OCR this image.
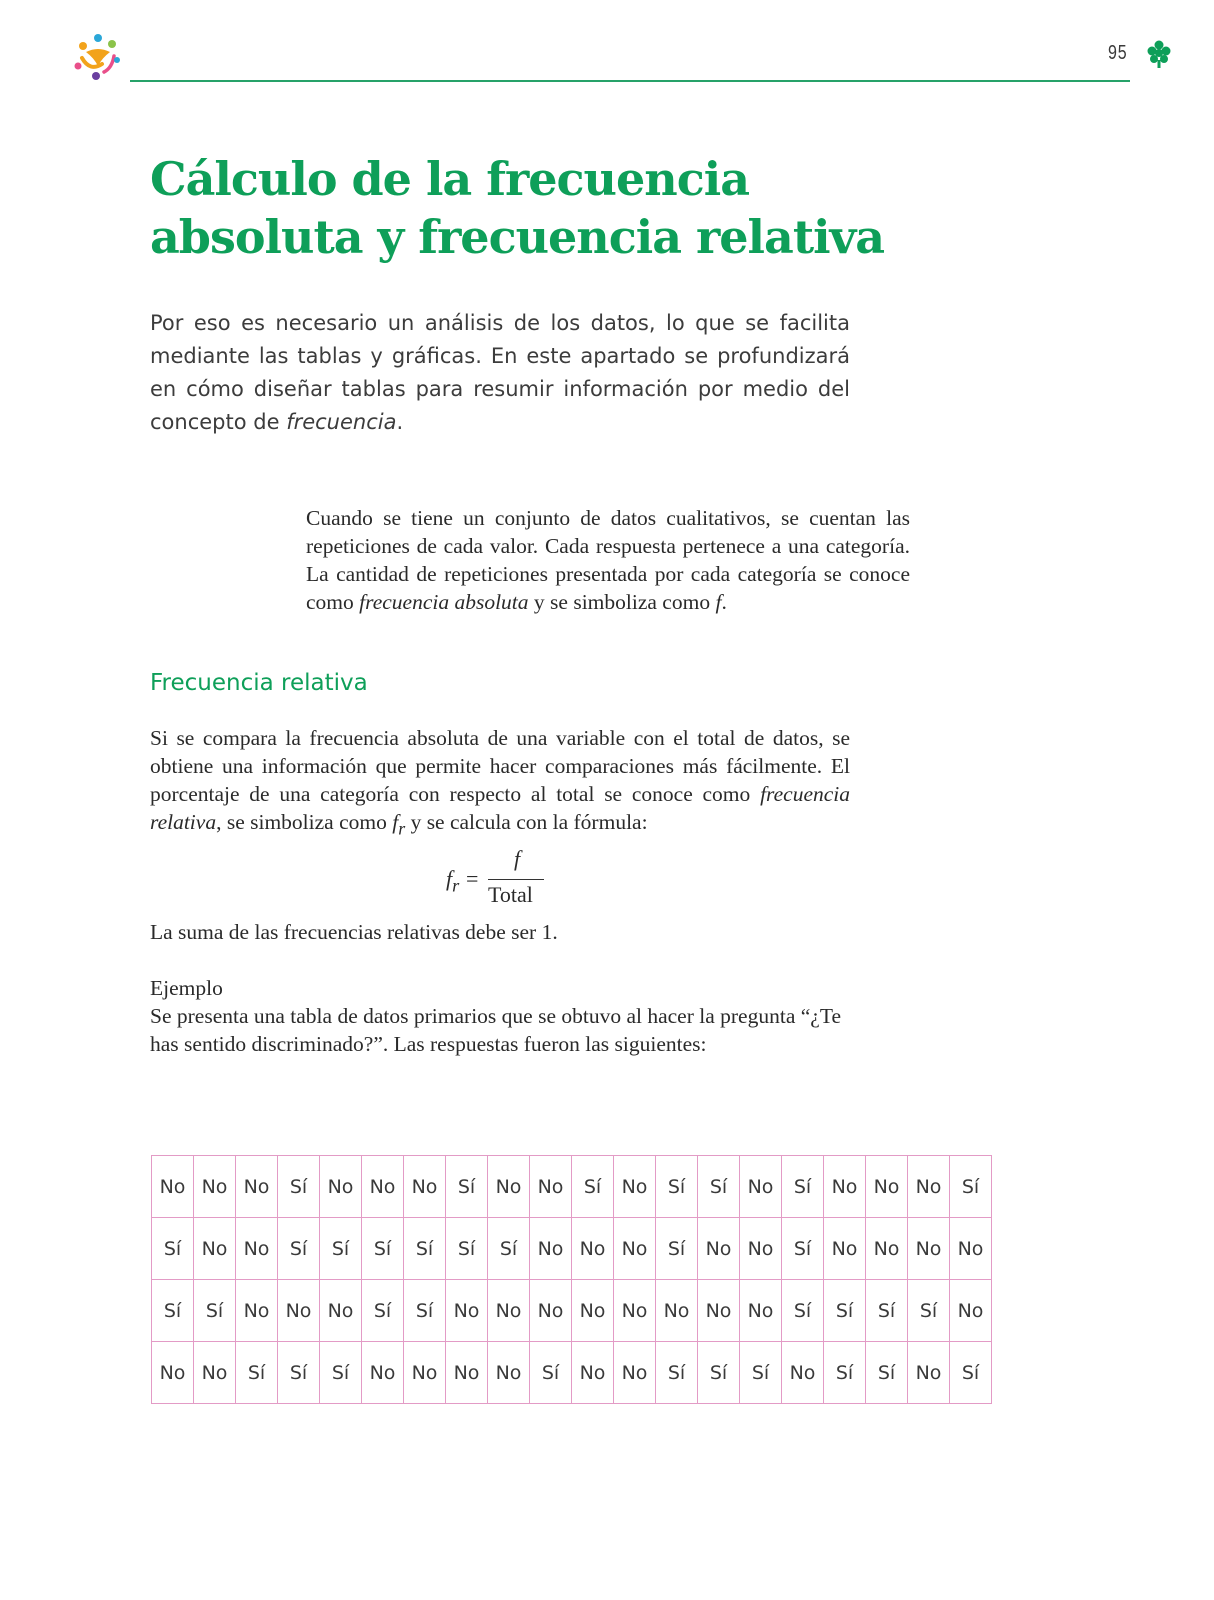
95
Cálculo de la frecuencia
absoluta y frecuencia relativa

Por eso es necesario un análisis de los datos, lo que se facilita mediante las tablas y gráficas. En este apartado se profundizará en cómo diseñar tablas para resumir información por medio del concepto de frecuencia.

Cuando se tiene un conjunto de datos cualitativos, se cuentan las repeticiones de cada valor. Cada respuesta pertenece a una categoría. La cantidad de repeticiones presentada por cada categoría se conoce como frecuencia absoluta y se simboliza como f.

Frecuencia relativa

Si se compara la frecuencia absoluta de una variable con el total de datos, se obtiene una información que permite hacer comparaciones más fácilmente. El porcentaje de una categoría con respecto al total se conoce como frecuencia relativa, se simboliza como $f_r$ y se calcula con la fórmula:

$f_r$ =
f
Total

La suma de las frecuencias relativas debe ser 1.

Ejemplo
Se presenta una tabla de datos primarios que se obtuvo al hacer la pregunta “¿Te has sentido discriminado?”. Las respuestas fueron las siguientes:

No	No	No	Sí	No	No	No	Sí	No	No	Sí	No	Sí	Sí	No	Sí	No	No	No	Sí
Sí	No	No	Sí	Sí	Sí	Sí	Sí	Sí	No	No	No	Sí	No	No	Sí	No	No	No	No
Sí	Sí	No	No	No	Sí	Sí	No	No	No	No	No	No	No	No	Sí	Sí	Sí	Sí	No
No	No	Sí	Sí	Sí	No	No	No	No	Sí	No	No	Sí	Sí	Sí	No	Sí	Sí	No	Sí
